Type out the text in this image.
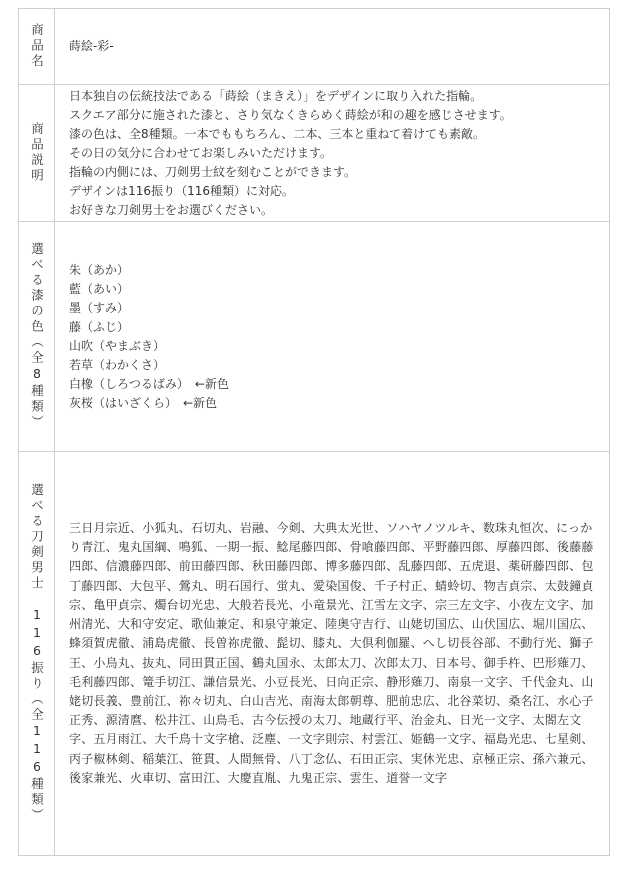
商品名 蒔絵-彩-

商品説明

日本独自の伝統技法である「蒔絵（まきえ）」をデザインに取り入れた指輪。

スクエア部分に施された漆と、さり気なくきらめく蒔絵が和の趣を感じさせます。

漆の色は、全8種類。一本でももちろん、二本、三本と重ねて着けても素敵。

その日の気分に合わせてお楽しみいただけます。

指輪の内側には、刀剣男士紋を刻むことができます。

デザインは116振り（116種類）に対応。

お好きな刀剣男士をお選びください。

選べる漆の色（全8種類） 朱（あか）

藍（あい）

墨（すみ）

藤（ふじ）

山吹（やまぶき）

若草（わかくさ）

白橡（しろつるばみ）　←新色

灰桜（はいざくら）　←新色

選べる刀剣男士　116振り（全116種類） 三日月宗近、小狐丸、石切丸、岩融、今剣、大典太光世、ソハヤノツルキ、数珠丸恒次、にっかり青江、鬼丸国綱、鳴狐、一期一振、鯰尾藤四郎、骨喰藤四郎、平野藤四郎、厚藤四郎、後藤藤四郎、信濃藤四郎、前田藤四郎、秋田藤四郎、博多藤四郎、乱藤四郎、五虎退、薬研藤四郎、包丁藤四郎、大包平、鶯丸、明石国行、蛍丸、愛染国俊、千子村正、蜻蛉切、物吉貞宗、太鼓鐘貞宗、亀甲貞宗、燭台切光忠、大般若長光、小竜景光、江雪左文字、宗三左文字、小夜左文字、加州清光、大和守安定、歌仙兼定、和泉守兼定、陸奥守吉行、山姥切国広、山伏国広、堀川国広、蜂須賀虎徹、浦島虎徹、長曽祢虎徹、髭切、膝丸、大倶利伽羅、へし切長谷部、不動行光、獅子王、小烏丸、抜丸、同田貫正国、鶴丸国永、太郎太刀、次郎太刀、日本号、御手杵、巴形薙刀、毛利藤四郎、篭手切江、謙信景光、小豆長光、日向正宗、静形薙刀、南泉一文字、千代金丸、山姥切長義、豊前江、祢々切丸、白山吉光、南海太郎朝尊、肥前忠広、北谷菜切、桑名江、水心子正秀、源清麿、松井江、山鳥毛、古今伝授の太刀、地蔵行平、治金丸、日光一文字、太閤左文字、五月雨江、大千鳥十文字槍、泛塵、一文字則宗、村雲江、姫鶴一文字、福島光忠、七星剣、丙子椒林剣、稲葉江、笹貫、人間無骨、八丁念仏、石田正宗、実休光忠、京極正宗、孫六兼元、後家兼光、火車切、富田江、大慶直胤、九鬼正宗、雲生、道誉一文字
